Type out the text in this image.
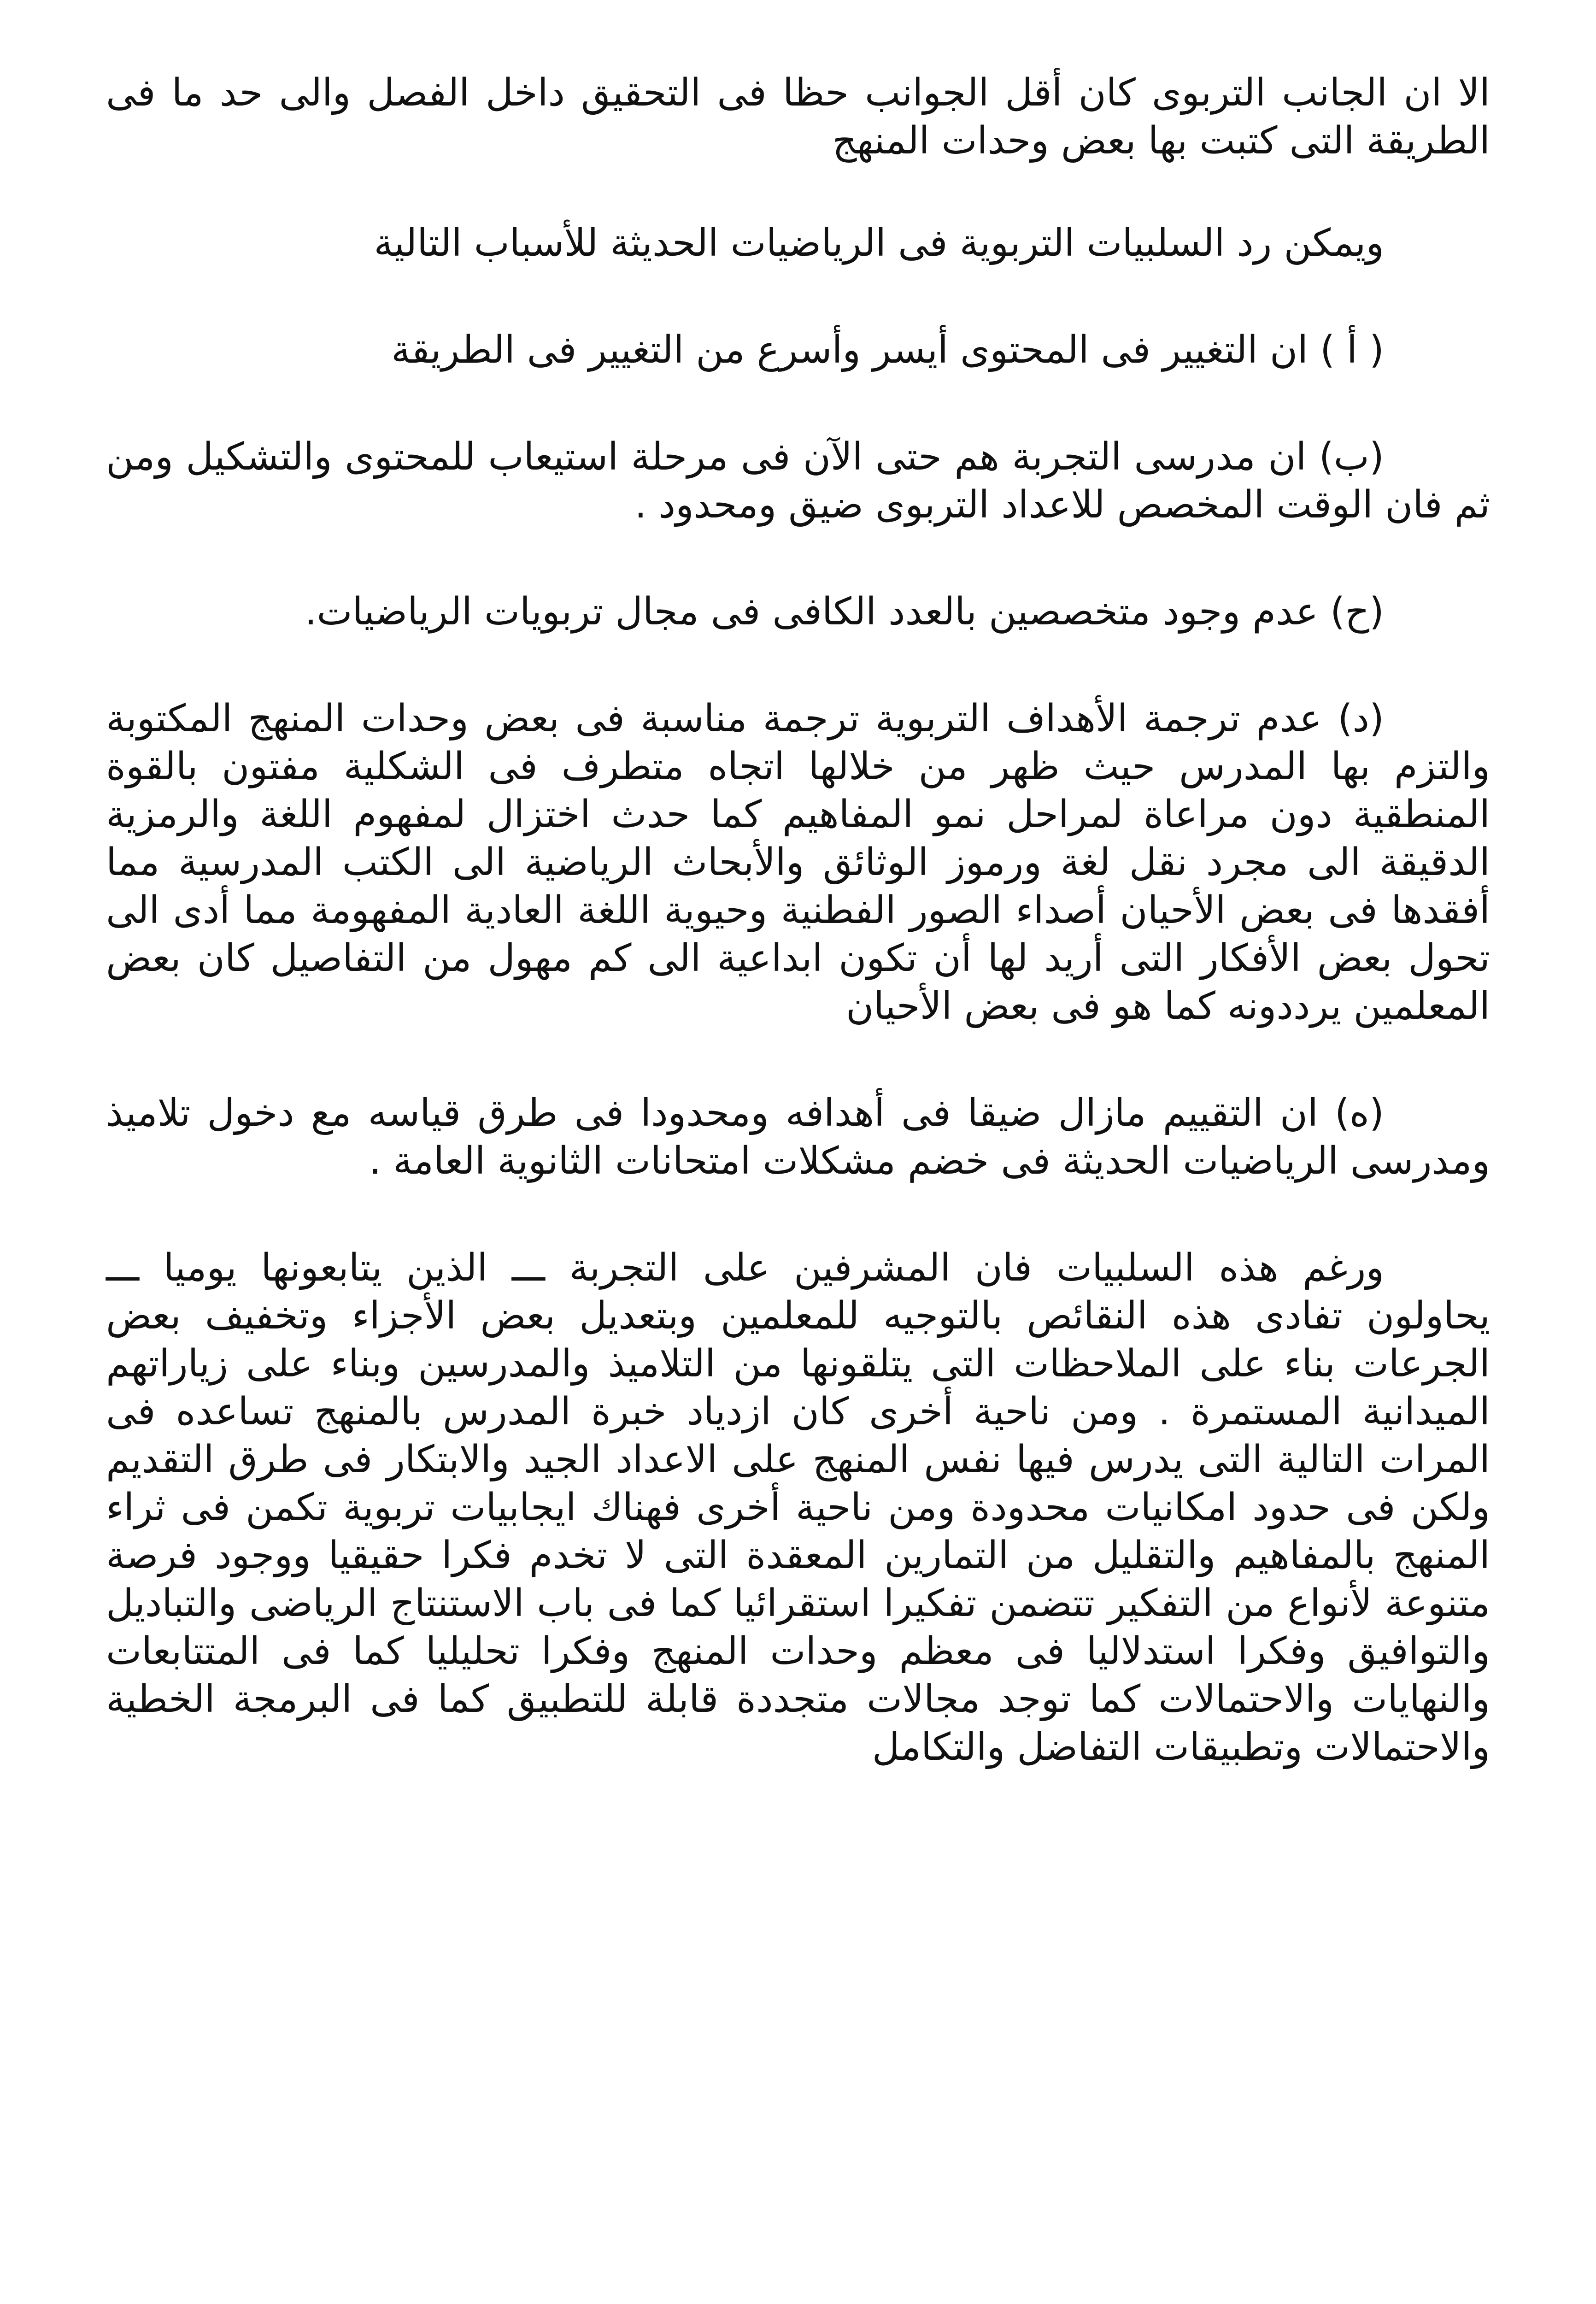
الا ان الجانب التربوى كان أقل الجوانب حظا فى التحقيق داخل الفصل والى حد ما فى الطريقة التى كتبت بها بعض وحدات المنهج

ويمكن رد السلبيات التربوية فى الرياضيات الحديثة للأسباب التالية

( أ ) ان التغيير فى المحتوى أيسر وأسرع من التغيير فى الطريقة

(ب) ان مدرسى التجربة هم حتى الآن فى مرحلة استيعاب للمحتوى والتشكيل ومن ثم فان الوقت المخصص للاعداد التربوى ضيق ومحدود .

(ح) عدم وجود متخصصين بالعدد الكافى فى مجال تربويات الرياضيات.

(د) عدم ترجمة الأهداف التربوية ترجمة مناسبة فى بعض وحدات المنهج المكتوبة والتزم بها المدرس حيث ظهر من خلالها اتجاه متطرف فى الشكلية مفتون بالقوة المنطقية دون مراعاة لمراحل نمو المفاهيم كما حدث اختزال لمفهوم اللغة والرمزية الدقيقة الى مجرد نقل لغة ورموز الوثائق والأبحاث الرياضية الى الكتب المدرسية مما أفقدها فى بعض الأحيان أصداء الصور الفطنية وحيوية اللغة العادية المفهومة مما أدى الى تحول بعض الأفكار التى أريد لها أن تكون ابداعية الى كم مهول من التفاصيل كان بعض المعلمين يرددونه كما هو فى بعض الأحيان

(ه) ان التقييم مازال ضيقا فى أهدافه ومحدودا فى طرق قياسه مع دخول تلاميذ ومدرسى الرياضيات الحديثة فى خضم مشكلات امتحانات الثانوية العامة .

ورغم هذه السلبيات فان المشرفين على التجربة ـــ الذين يتابعونها يوميا ـــ يحاولون تفادى هذه النقائص بالتوجيه للمعلمين وبتعديل بعض الأجزاء وتخفيف بعض الجرعات بناء على الملاحظات التى يتلقونها من التلاميذ والمدرسين وبناء على زياراتهم الميدانية المستمرة . ومن ناحية أخرى كان ازدياد خبرة المدرس بالمنهج تساعده فى المرات التالية التى يدرس فيها نفس المنهج على الاعداد الجيد والابتكار فى طرق التقديم ولكن فى حدود امكانيات محدودة ومن ناحية أخرى فهناك ايجابيات تربوية تكمن فى ثراء المنهج بالمفاهيم والتقليل من التمارين المعقدة التى لا تخدم فكرا حقيقيا ووجود فرصة متنوعة لأنواع من التفكير تتضمن تفكيرا استقرائيا كما فى باب الاستنتاج الرياضى والتباديل والتوافيق وفكرا استدلاليا فى معظم وحدات المنهج وفكرا تحليليا كما فى المتتابعات والنهايات والاحتمالات كما توجد مجالات متجددة قابلة للتطبيق كما فى البرمجة الخطية والاحتمالات وتطبيقات التفاضل والتكامل
